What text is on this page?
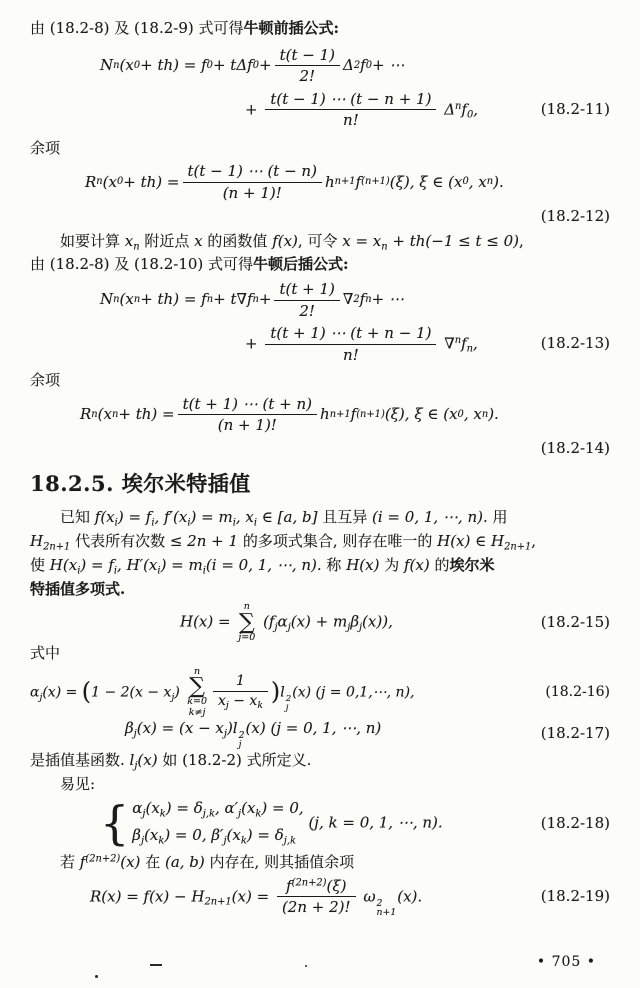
由 (18.2-8) 及 (18.2-9) 式可得牛顿前插公式:
N n (x 0 + th) = f 0 + tΔf $0 + \frac{t(t - 1)}{2!}$ Δ 2 f 0 + ⋯
+ $\frac{t(t - 1) \cdots (t - n + 1)}{n!} \Delta^nf_0$,	(18.2-11)
余项
R n (x $0 + th) = \frac{t(t - 1) \cdots (t - n)}{(n + 1)!}$ h n+1 f (n+1) (ξ), ξ ∈ (x 0 , x n ).
(18.2-12)
如要计算 $x_n$ 附近点 x 的函数值 f(x), 可令 $x = x_n + th(-1 \le t \le 0)$,
由 (18.2-8) 及 (18.2-10) 式可得牛顿后插公式:
N n (x n + th) = f n + t∇f $n + \frac{t(t + 1)}{2!}$ ∇ 2 f n + ⋯
+ $\frac{t(t + 1) \cdots (t + n - 1)}{n!} \nabla^nf_n$,	(18.2-13)
余项
R n (x $n + th) = \frac{t(t + 1) \cdots (t + n)}{(n + 1)!}$ h n+1 f (n+1) (ξ), ξ ∈ (x 0 , x n ).
(18.2-14)
18.2.5. 埃尔米特插值
已知 $f(x_i) = f_i$, $f'(x_i) = m_i$, $x_i$ ∈ [a, b] 且互异 (i = 0, 1, ⋯, n). 用
$H_{2n+1}$ 代表所有次数 ≤ 2n + 1 的多项式集合, 则存在唯一的 H(x) ∈ $H_{2n+1}$,
使 $H(x_i) = f_i$, $H'(x_i) = m_i(i = 0$, 1, ⋯, n). 称 H(x) 为 f(x) 的埃尔米
特插值多项式.
H(x) =
n
∑
j=0
$(f_j\alpha_j(x) + m_j\beta_j(x))$,	(18.2-15)
式中
$\alpha_j(x) = (1 - 2(x - x_j)$
n
∑
k=0
$k\ne j \frac{1}{x_j - x_k} )l$ 2
j
(x) (j = 0,1,⋯, n),	(18.2-16)
$\beta_j(x) = (x - x_j)l$ 2
j
(x) (j = 0, 1, ⋯, n)	(18.2-17)
是插值基函数. $l_j(x)$ 如 (18.2-2) 式所定义.
易见:
{ $\alpha_j(x_k) = \delta_{j,k}$, $\alpha'_j(x_k) = 0$,
$\beta_j(x_k) = 0$, $\beta'_j(x_k) = \delta_{j,k}$
(j, k = 0, 1, ⋯, n).	(18.2-18)
若 $f^{(2n+2)}(x)$ 在 (a, b) 内存在, 则其插值余项
$R(x) = f(x) - H_{2n+1}(x) = \frac{f^{(2n+2)}(\xi)}{(2n + 2)!}$ ω 2
n+1
(x).	(18.2-19)
• 705 •
